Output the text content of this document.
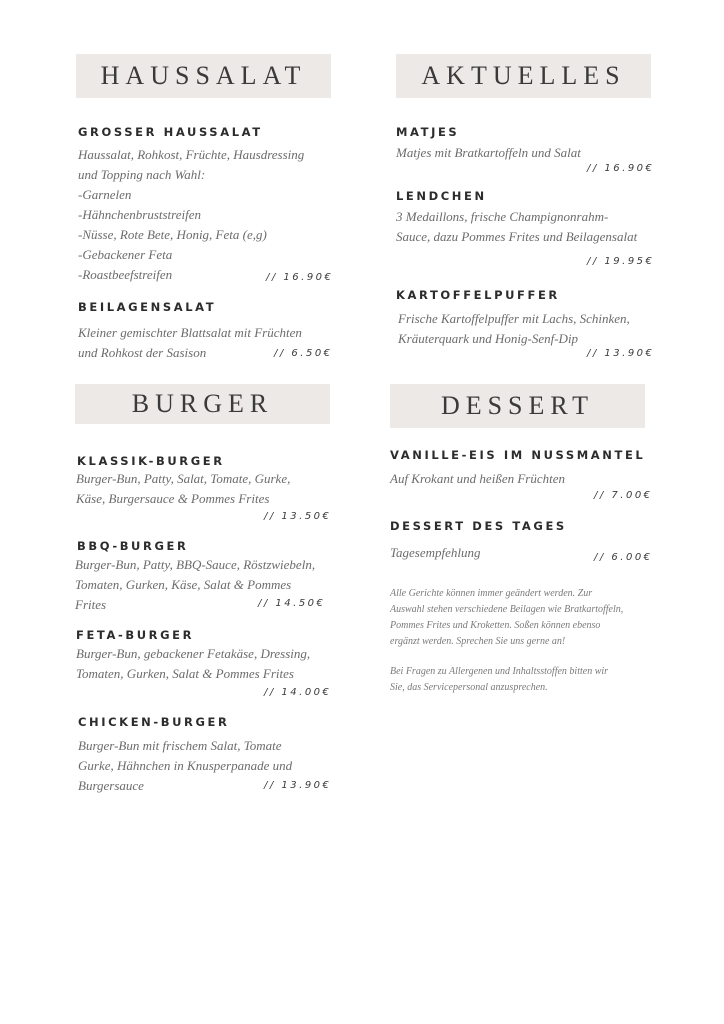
HAUSSALAT
GROSSER HAUSSALAT
Haussalat, Rohkost, Früchte, Hausdressing
und Topping nach Wahl:
-Garnelen
-Hähnchenbruststreifen
-Nüsse, Rote Bete, Honig, Feta (e,g)
-Gebackener Feta
-Roastbeefstreifen	// 16.90€
BEILAGENSALAT
Kleiner gemischter Blattsalat mit Früchten
und Rohkost der Sasison	// 6.50€
AKTUELLES
MATJES
Matjes mit Bratkartoffeln und Salat
// 16.90€
LENDCHEN
3 Medaillons, frische Champignonrahm-
Sauce, dazu Pommes Frites und Beilagensalat
// 19.95€
KARTOFFELPUFFER
Frische Kartoffelpuffer mit Lachs, Schinken,
Kräuterquark und Honig-Senf-Dip
// 13.90€
BURGER
KLASSIK-BURGER
Burger-Bun, Patty, Salat, Tomate, Gurke,
Käse, Burgersauce & Pommes Frites
// 13.50€
BBQ-BURGER
Burger-Bun, Patty, BBQ-Sauce, Röstzwiebeln,
Tomaten, Gurken, Käse, Salat & Pommes
Frites	// 14.50€
FETA-BURGER
Burger-Bun, gebackener Fetakäse, Dressing,
Tomaten, Gurken, Salat & Pommes Frites
// 14.00€
CHICKEN-BURGER
Burger-Bun mit frischem Salat, Tomate
Gurke, Hähnchen in Knusperpanade und
Burgersauce	// 13.90€
DESSERT
VANILLE-EIS IM NUSSMANTEL
Auf Krokant und heißen Früchten
// 7.00€
DESSERT DES TAGES
Tagesempfehlung	// 6.00€
Alle Gerichte können immer geändert werden. Zur
Auswahl stehen verschiedene Beilagen wie Bratkartoffeln,
Pommes Frites und Kroketten. Soßen können ebenso
ergänzt werden. Sprechen Sie uns gerne an!
Bei Fragen zu Allergenen und Inhaltsstoffen bitten wir
Sie, das Servicepersonal anzusprechen.
